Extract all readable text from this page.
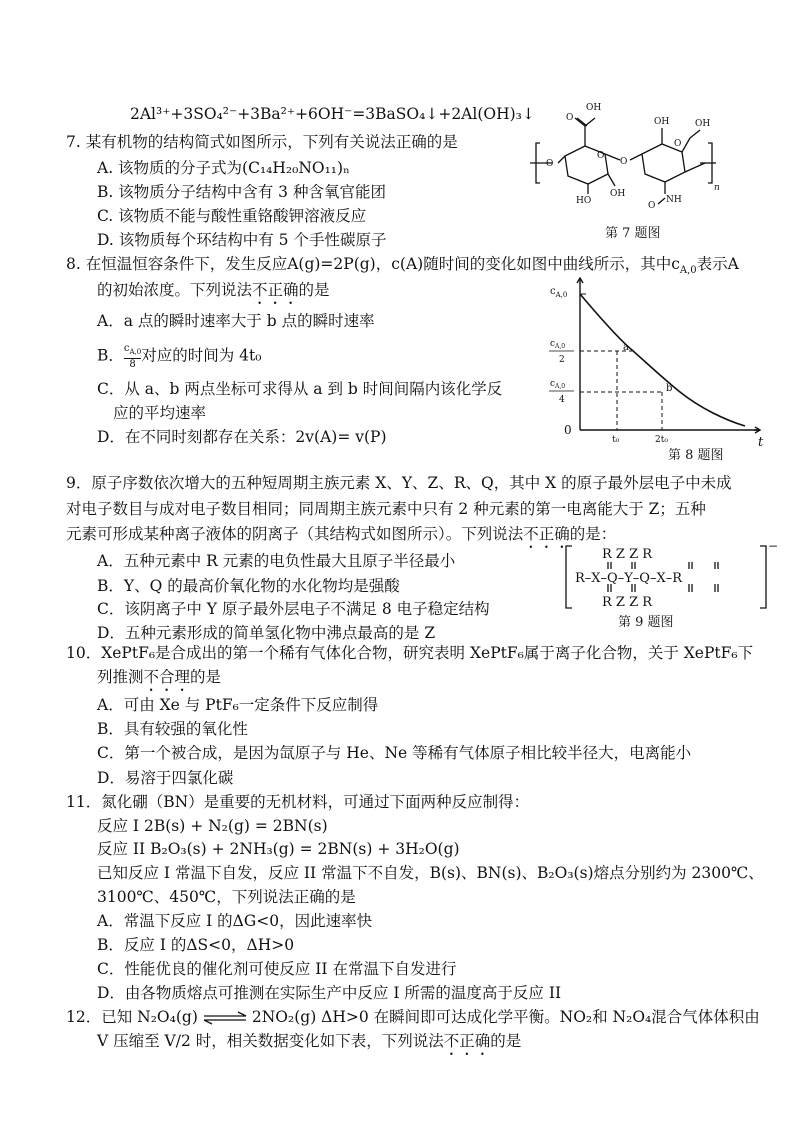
2Al³⁺+3SO₄²⁻+3Ba²⁺+6OH⁻=3BaSO₄↓+2Al(OH)₃↓
7. 某有机物的结构简式如图所示，下列有关说法正确的是
A. 该物质的分子式为(C₁₄H₂₀NO₁₁)ₙ
B. 该物质分子结构中含有 3 种含氧官能团
C. 该物质不能与酸性重铬酸钾溶液反应
D. 该物质每个环结构中有 5 个手性碳原子
OH
O
O
O
O
HO
OH
OH	OH
O
NH
O
n
第 7 题图
8. 在恒温恒容条件下，发生反应A(g)=2P(g)，c(A)随时间的变化如图中曲线所示，其中$c_{A,0}$表示A
的初始浓度。下列说法不正确的是
A．a 点的瞬时速率大于 b 点的瞬时速率
B． $\frac{c_{A,0}}{8}$ 对应的时间为 4t₀
C．从 a、b 两点坐标可求得从 a 到 b 时间间隔内该化学反
应的平均速率
D．在不同时刻都存在关系：2v(A)= v(P)
$c_{A,0}$
$c_{A,0}$
2
$c_{A,0}$
4
0
t
t₀	2t₀
a
b
第 8 题图
9．原子序数依次增大的五种短周期主族元素 X、Y、Z、R、Q，其中 X 的原子最外层电子中未成
对电子数目与成对电子数目相同；同周期主族元素中只有 2 种元素的第一电离能大于 Z；五种
元素可形成某种离子液体的阴离子（其结构式如图所示）。下列说法不正确的是：
A．五种元素中 R 元素的电负性最大且原子半径最小
B．Y、Q 的最高价氧化物的水化物均是强酸
C．该阴离子中 Y 原子最外层电子不满足 8 电子稳定结构
D．五种元素形成的简单氢化物中沸点最高的是 Z
R Z Z R
R–X–Q–Y–Q–X–R
R Z Z R
−
第 9 题图
10．XePtF₆是合成出的第一个稀有气体化合物，研究表明 XePtF₆属于离子化合物，关于 XePtF₆下
列推测不合理的是
A．可由 Xe 与 PtF₆一定条件下反应制得
B．具有较强的氧化性
C．第一个被合成，是因为氙原子与 He、Ne 等稀有气体原子相比较半径大，电离能小
D．易溶于四氯化碳
11．氮化硼（BN）是重要的无机材料，可通过下面两种反应制得：
反应 I 2B(s) + N₂(g) = 2BN(s)
反应 II B₂O₃(s) + 2NH₃(g) = 2BN(s) + 3H₂O(g)
已知反应 I 常温下自发，反应 II 常温下不自发，B(s)、BN(s)、B₂O₃(s)熔点分别约为 2300℃、
3100℃、450℃，下列说法正确的是
A．常温下反应 I 的ΔG<0，因此速率快
B．反应 I 的ΔS<0，ΔH>0
C．性能优良的催化剂可使反应 II 在常温下自发进行
D．由各物质熔点可推测在实际生产中反应 I 所需的温度高于反应 II
12．已知 N₂O₄(g) ⇌ 2NO₂(g) ΔH>0 在瞬间即可达成化学平衡。NO₂和 N₂O₄混合气体体积由
V 压缩至 V/2 时，相关数据变化如下表，下列说法不正确的是
